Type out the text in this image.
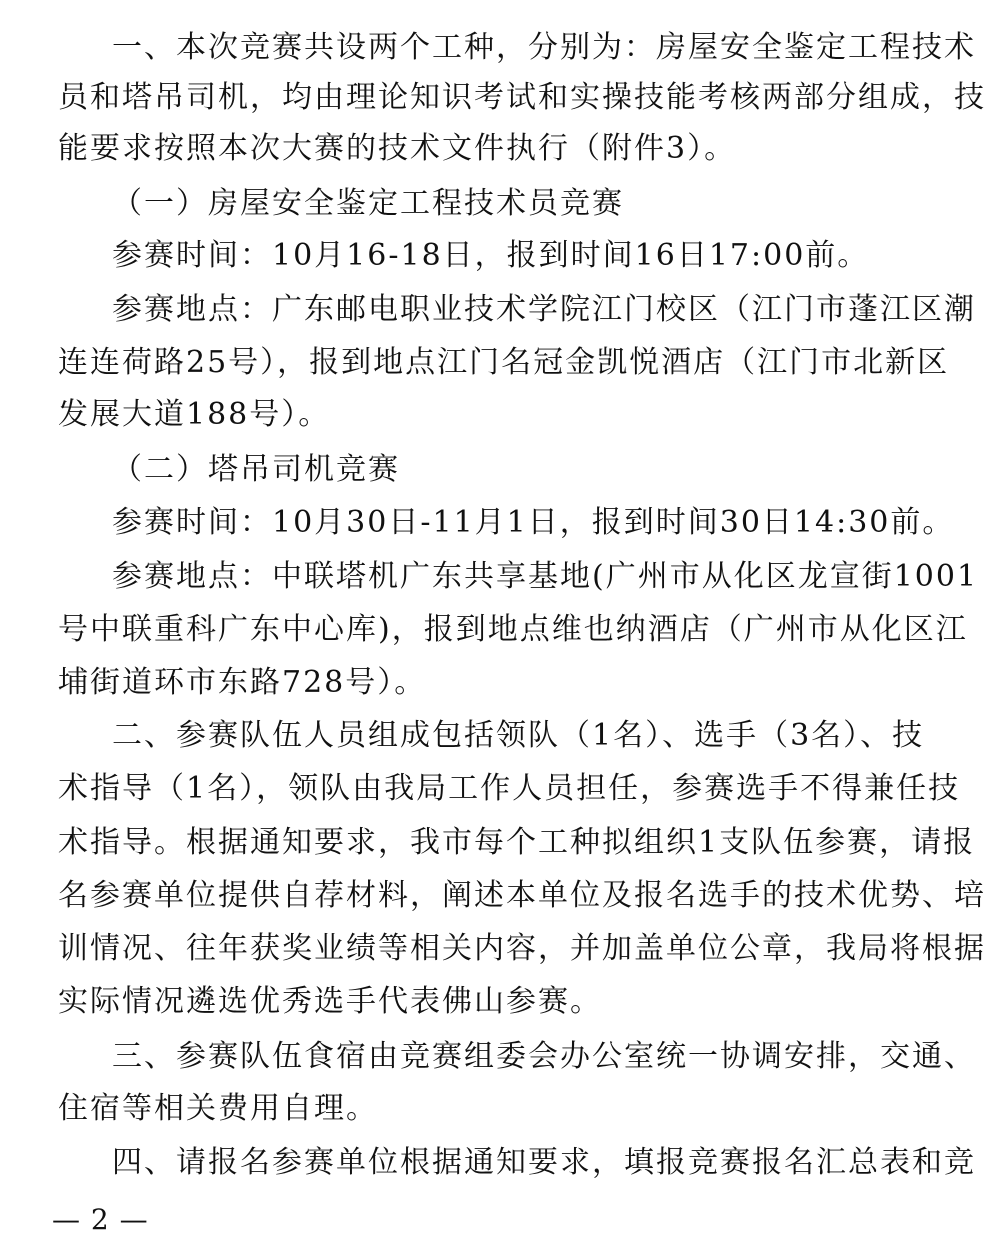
一、本次竞赛共设两个工种，分别为：房屋安全鉴定工程技术
员和塔吊司机，均由理论知识考试和实操技能考核两部分组成，技
能要求按照本次大赛的技术文件执行（附件3）。
（一）房屋安全鉴定工程技术员竞赛
参赛时间：10月16-18日，报到时间16日17:00前。
参赛地点：广东邮电职业技术学院江门校区（江门市蓬江区潮
连连荷路25号），报到地点江门名冠金凯悦酒店（江门市北新区
发展大道188号）。
（二）塔吊司机竞赛
参赛时间：10月30日-11月1日，报到时间30日14:30前。
参赛地点：中联塔机广东共享基地(广州市从化区龙宣街1001
号中联重科广东中心库)，报到地点维也纳酒店（广州市从化区江
埔街道环市东路728号）。
二、参赛队伍人员组成包括领队（1名）、选手（3名）、技
术指导（1名），领队由我局工作人员担任，参赛选手不得兼任技
术指导。根据通知要求，我市每个工种拟组织1支队伍参赛，请报
名参赛单位提供自荐材料，阐述本单位及报名选手的技术优势、培
训情况、往年获奖业绩等相关内容，并加盖单位公章，我局将根据
实际情况遴选优秀选手代表佛山参赛。
三、参赛队伍食宿由竞赛组委会办公室统一协调安排，交通、
住宿等相关费用自理。
四、请报名参赛单位根据通知要求，填报竞赛报名汇总表和竞
— 2 —
